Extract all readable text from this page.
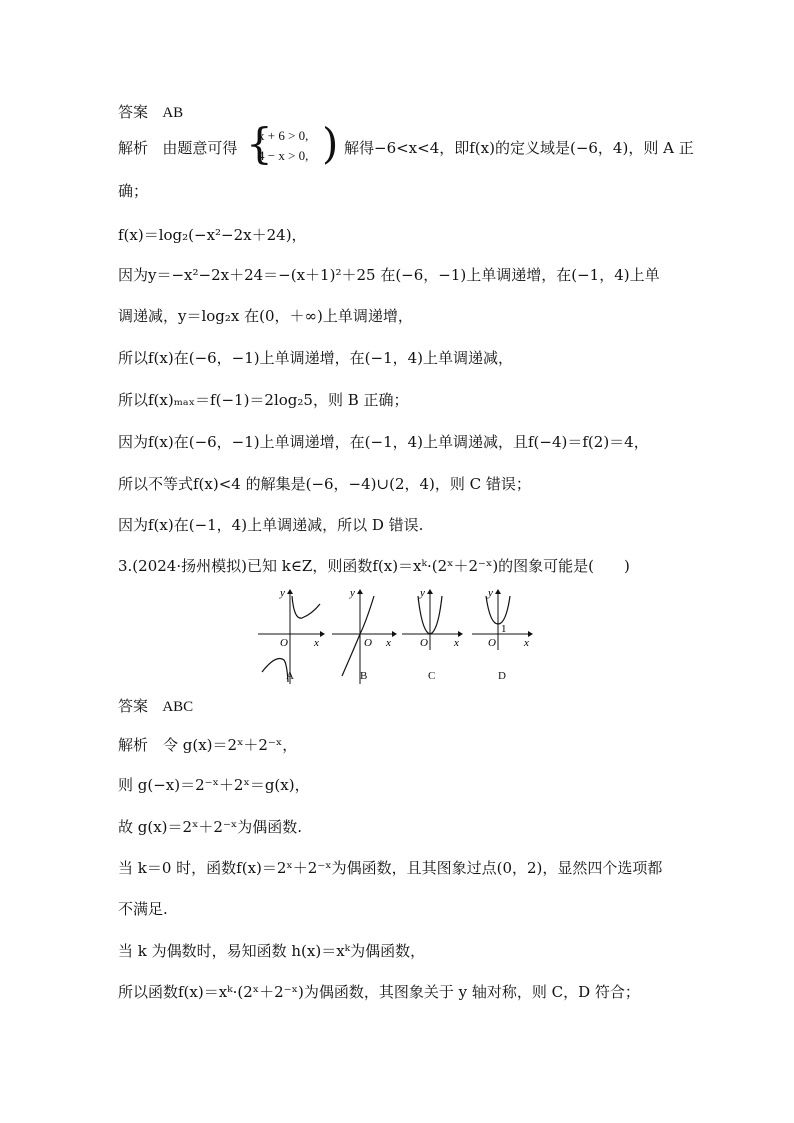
答案 AB
解析 由题意可得 {
x + 6 > 0,
4 − x > 0, ) 解得−6<x<4，即f(x)的定义域是(−6，4)，则 A 正
确；
f(x)＝log₂(−x²−2x＋24)，
因为y＝−x²−2x＋24＝−(x＋1)²＋25 在(−6，−1)上单调递增，在(−1，4)上单
调递减，y＝log₂x 在(0，＋∞)上单调递增，
所以f(x)在(−6，−1)上单调递增，在(−1，4)上单调递减，
所以f(x)ₘₐₓ＝f(−1)＝2log₂5，则 B 正确；
因为f(x)在(−6，−1)上单调递增，在(−1，4)上单调递减，且f(−4)＝f(2)＝4，
所以不等式f(x)<4 的解集是(−6，−4)∪(2，4)，则 C 错误；
因为f(x)在(−1，4)上单调递减，所以 D 错误.
3.(2024·扬州模拟)已知 k∈Z，则函数f(x)＝xᵏ·(2ˣ＋2⁻ˣ)的图象可能是(　　)
y
x
O
A
y
x
O
B
y
x
O
C
y
x
O
1
D
答案 ABC
解析　令 g(x)＝2ˣ＋2⁻ˣ，
则 g(−x)＝2⁻ˣ＋2ˣ＝g(x)，
故 g(x)＝2ˣ＋2⁻ˣ为偶函数.
当 k＝0 时，函数f(x)＝2ˣ＋2⁻ˣ为偶函数，且其图象过点(0，2)，显然四个选项都
不满足.
当 k 为偶数时，易知函数 h(x)＝xᵏ为偶函数，
所以函数f(x)＝xᵏ·(2ˣ＋2⁻ˣ)为偶函数，其图象关于 y 轴对称，则 C，D 符合；
